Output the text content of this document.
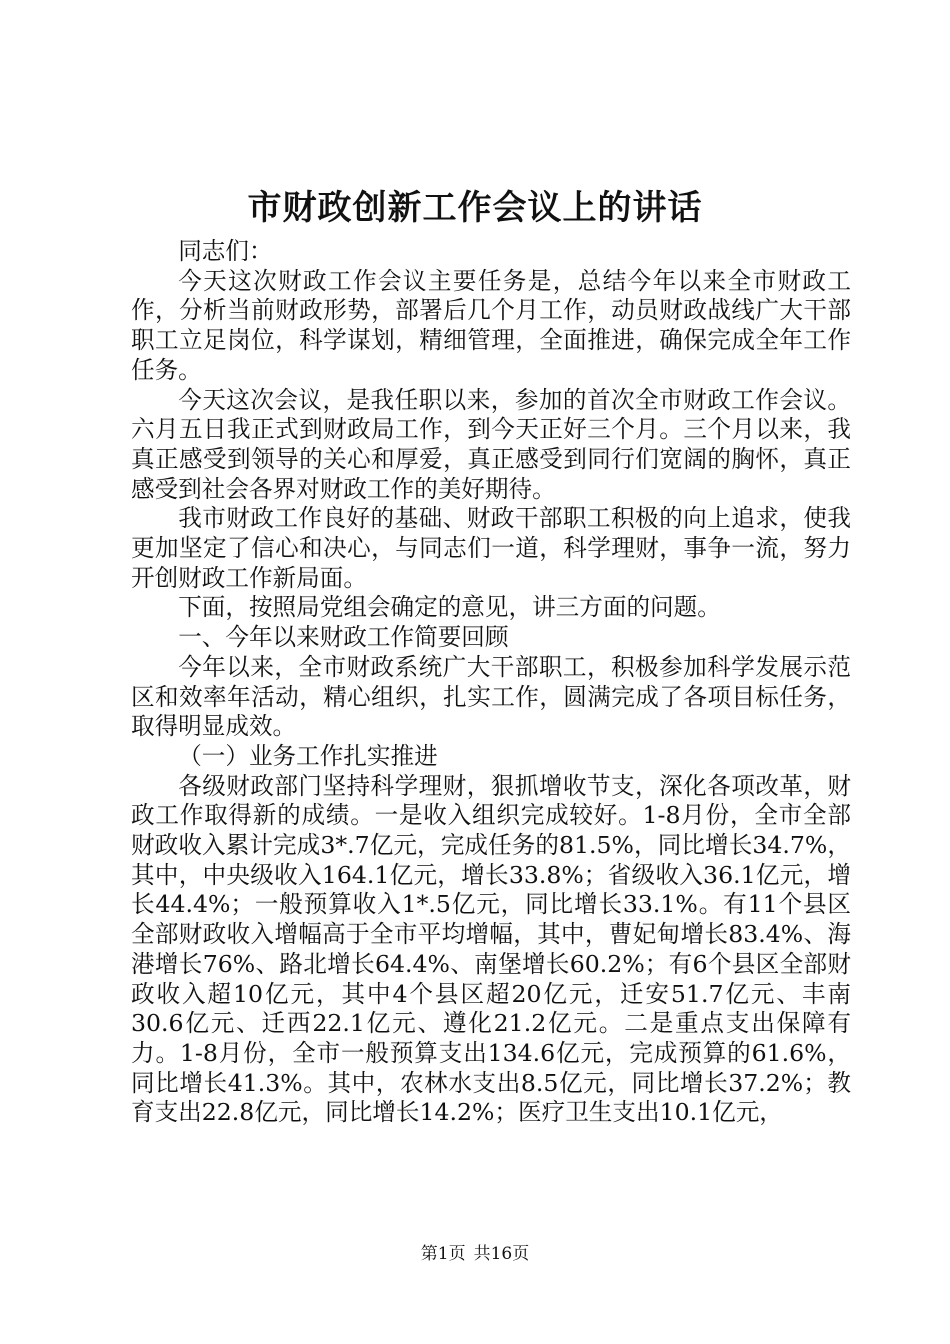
市财政创新工作会议上的讲话

同志们：

今天这次财政工作会议主要任务是，总结今年以来全市财政工作，分析当前财政形势，部署后几个月工作，动员财政战线广大干部职工立足岗位，科学谋划，精细管理，全面推进，确保完成全年工作任务。

今天这次会议，是我任职以来，参加的首次全市财政工作会议。六月五日我正式到财政局工作，到今天正好三个月。三个月以来，我真正感受到领导的关心和厚爱，真正感受到同行们宽阔的胸怀，真正感受到社会各界对财政工作的美好期待。

我市财政工作良好的基础、财政干部职工积极的向上追求，使我更加坚定了信心和决心，与同志们一道，科学理财，事争一流，努力开创财政工作新局面。

下面，按照局党组会确定的意见，讲三方面的问题。

一、今年以来财政工作简要回顾

今年以来，全市财政系统广大干部职工，积极参加科学发展示范区和效率年活动，精心组织，扎实工作，圆满完成了各项目标任务，取得明显成效。

（一）业务工作扎实推进

各级财政部门坚持科学理财，狠抓增收节支，深化各项改革，财政工作取得新的成绩。一是收入组织完成较好。1-8月份，全市全部财政收入累计完成3*.7亿元，完成任务的81.5%，同比增长34.7%，其中，中央级收入164.1亿元，增长33.8%；省级收入36.1亿元，增长44.4%；一般预算收入1*.5亿元，同比增长33.1%。有11个县区全部财政收入增幅高于全市平均增幅，其中，曹妃甸增长83.4%、海港增长76%、路北增长64.4%、南堡增长60.2%；有6个县区全部财政收入超10亿元，其中4个县区超20亿元，迁安51.7亿元、丰南30.6亿元、迁西22.1亿元、遵化21.2亿元。二是重点支出保障有力。1-8月份，全市一般预算支出134.6亿元，完成预算的61.6%，同比增长41.3%。其中，农林水支出8.5亿元，同比增长37.2%；教育支出22.8亿元，同比增长14.2%；医疗卫生支出10.1亿元，

第1页 共16页
